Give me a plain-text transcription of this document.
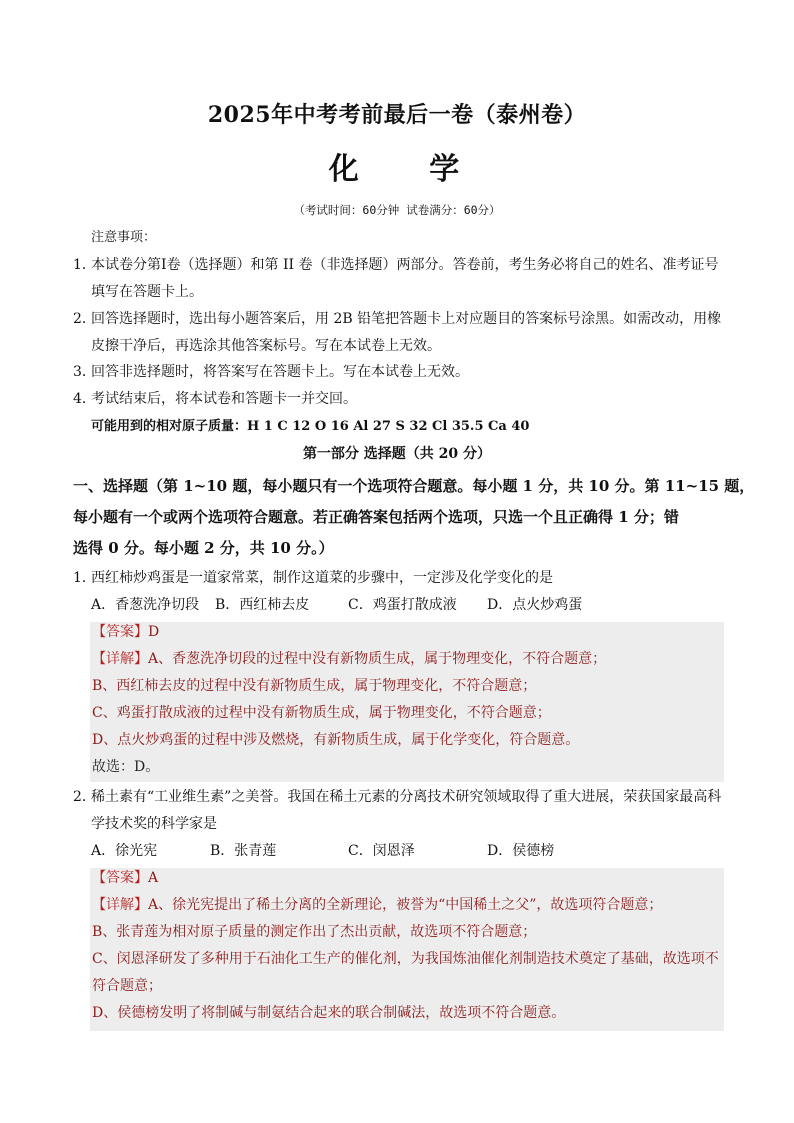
2025年中考考前最后一卷（泰州卷）
化 学
（考试时间：60分钟 试卷满分：60分）
注意事项：
1．
本试卷分第Ⅰ卷（选择题）和第 II 卷（非选择题）两部分。答卷前，考生务必将自己的姓名、准考证号
填写在答题卡上。
2．
回答选择题时，选出每小题答案后，用 2B 铅笔把答题卡上对应题目的答案标号涂黑。如需改动，用橡
皮擦干净后，再选涂其他答案标号。写在本试卷上无效。
3．
回答非选择题时，将答案写在答题卡上。写在本试卷上无效。
4．
考试结束后，将本试卷和答题卡一并交回。
可能用到的相对原子质量：H 1 C 12 O 16 Al 27 S 32 Cl 35.5 Ca 40
第一部分 选择题（共 20 分）
一、选择题（第 1~10 题，每小题只有一个选项符合题意。每小题 1 分，共 10 分。第 11~15 题，
每小题有一个或两个选项符合题意。若正确答案包括两个选项，只选一个且正确得 1 分；错
选得 0 分。每小题 2 分，共 10 分。）
1．
西红柿炒鸡蛋是一道家常菜，制作这道菜的步骤中，一定涉及化学变化的是
A．香葱洗净切段 B．西红柿去皮	C．鸡蛋打散成液 D．点火炒鸡蛋
【答案】D
【详解】A、香葱洗净切段的过程中没有新物质生成，属于物理变化，不符合题意；
B、西红柿去皮的过程中没有新物质生成，属于物理变化，不符合题意；
C、鸡蛋打散成液的过程中没有新物质生成，属于物理变化，不符合题意；
D、点火炒鸡蛋的过程中涉及燃烧，有新物质生成，属于化学变化，符合题意。
故选：D。
2．
稀土素有“工业维生素”之美誉。我国在稀土元素的分离技术研究领域取得了重大进展，荣获国家最高科
学技术奖的科学家是
A．徐光宪	B．张青莲	C．闵恩泽	D．侯德榜
【答案】A
【详解】A、徐光宪提出了稀土分离的全新理论，被誉为“中国稀土之父”，故选项符合题意；
B、张青莲为相对原子质量的测定作出了杰出贡献，故选项不符合题意；
C、闵恩泽研发了多种用于石油化工生产的催化剂，为我国炼油催化剂制造技术奠定了基础，故选项不
符合题意；
D、侯德榜发明了将制碱与制氨结合起来的联合制碱法，故选项不符合题意。
